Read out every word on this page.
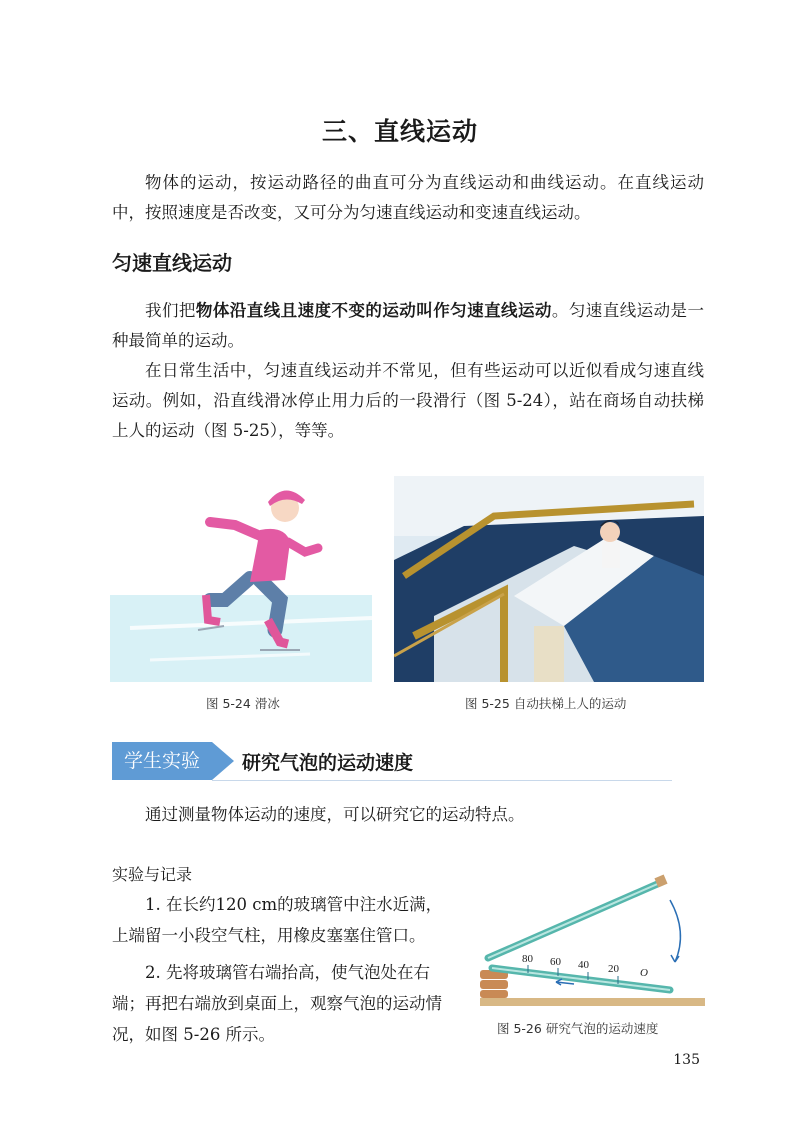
三、直线运动

物体的运动，按运动路径的曲直可分为直线运动和曲线运动。在直线运动中，按照速度是否改变，又可分为匀速直线运动和变速直线运动。

匀速直线运动

我们把物体沿直线且速度不变的运动叫作匀速直线运动。匀速直线运动是一种最简单的运动。

在日常生活中，匀速直线运动并不常见，但有些运动可以近似看成匀速直线运动。例如，沿直线滑冰停止用力后的一段滑行（图 5-24），站在商场自动扶梯上人的运动（图 5-25），等等。

图 5-24 滑冰	图 5-25 自动扶梯上人的运动
学生实验	研究气泡的运动速度

通过测量物体运动的速度，可以研究它的运动特点。

实验与记录

1. 在长约120 cm的玻璃管中注水近满，上端留一小段空气柱，用橡皮塞塞住管口。

2. 先将玻璃管右端抬高，使气泡处在右端；再把右端放到桌面上，观察气泡的运动情况，如图 5-26 所示。

80 60 40 20 O
图 5-26 研究气泡的运动速度
135
